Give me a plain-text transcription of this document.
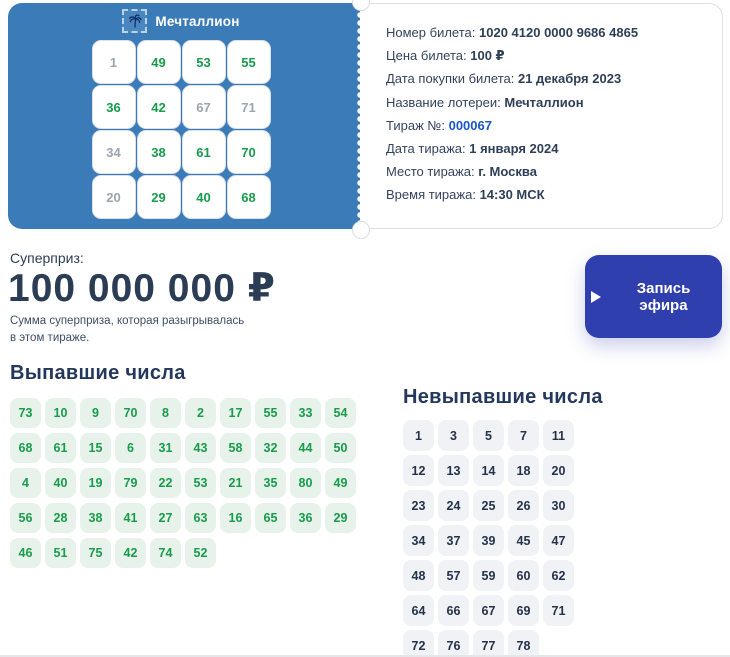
Номер билета: 1020 4120 0000 9686 4865
Цена билета: 100 ₽
Дата покупки билета: 21 декабря 2023
Название лотереи: Мечталлион
Тираж №: 000067
Дата тиража: 1 января 2024
Место тиража: г. Москва
Время тиража: 14:30 МСК
Мечталлион
1	49 53 55
36 42 67 71
34 38 61 70
20 29 40 68
Суперприз:
100 000 000 ₽
Сумма суперприза, которая разыгрывалась в этом тираже.
Запись эфира
Выпавшие числа
73 10 9 70 8 2 17 55 33 54
68 61 15 6 31 43 58 32 44 50
4 40 19 79 22 53 21 35 80 49
56 28 38 41 27 63 16 65 36 29
46 51 75 42 74 52
Невыпавшие числа
1 3 5 7 11
12 13 14 18 20
23 24 25 26 30
34 37 39 45 47
48 57 59 60 62
64 66 67 69 71
72 76 77 78
